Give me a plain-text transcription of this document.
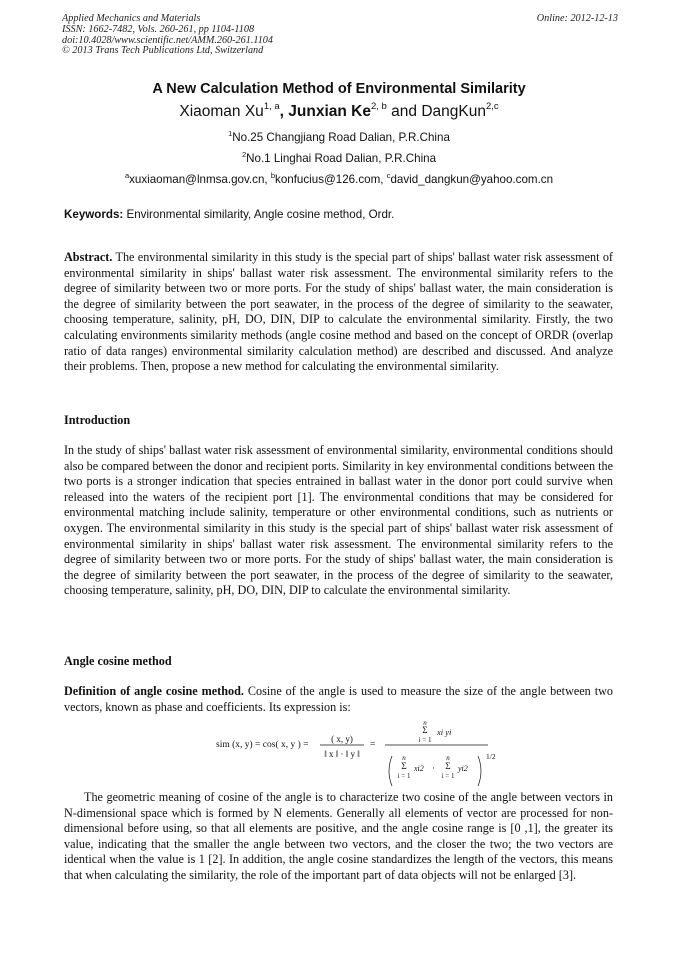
Applied Mechanics and Materials
ISSN: 1662-7482, Vols. 260-261, pp 1104-1108
doi:10.4028/www.scientific.net/AMM.260-261.1104
© 2013 Trans Tech Publications Ltd, Switzerland
Online: 2012-12-13
A New Calculation Method of Environmental Similarity
Xiaoman Xu$^{1, a}$, Junxian Ke$^{2, b}$ and DangKun$^{2,c}$
$^1$No.25 Changjiang Road Dalian, P.R.China
$^2$No.1 Linghai Road Dalian, P.R.China
$^a$xuxiaoman@lnmsa.gov.cn, $^b$konfucius@126.com, $^c$david_dangkun@yahoo.com.cn
Keywords: Environmental similarity, Angle cosine method, Ordr.
Abstract. The environmental similarity in this study is the special part of ships' ballast water risk assessment of environmental similarity in ships' ballast water risk assessment. The environmental similarity refers to the degree of similarity between two or more ports. For the study of ships' ballast water, the main consideration is the degree of similarity between the port seawater, in the process of the degree of similarity to the seawater, choosing temperature, salinity, pH, DO, DIN, DIP to calculate the environmental similarity. Firstly, the two calculating environments similarity methods (angle cosine method and based on the concept of ORDR (overlap ratio of data ranges) environmental similarity calculation method) are described and discussed. And analyze their problems. Then, propose a new method for calculating the environmental similarity.
Introduction
In the study of ships' ballast water risk assessment of environmental similarity, environmental conditions should also be compared between the donor and recipient ports. Similarity in key environmental conditions between the two ports is a stronger indication that species entrained in ballast water in the donor port could survive when released into the waters of the recipient port [1]. The environmental conditions that may be considered for environmental matching include salinity, temperature or other environmental conditions, such as nutrients or oxygen. The environmental similarity in this study is the special part of ships' ballast water risk assessment of environmental similarity in ships' ballast water risk assessment. The environmental similarity refers to the degree of similarity between two or more ports. For the study of ships' ballast water, the main consideration is the degree of similarity between the port seawater, in the process of the degree of similarity to the seawater, choosing temperature, salinity, pH, DO, DIN, DIP to calculate the environmental similarity.
Angle cosine method
Definition of angle cosine method. Cosine of the angle is used to measure the size of the angle between two vectors, known as phase and coefficients. Its expression is:
sim (x, y) = cos( x, y ) =
( x, y)
‖ x ‖ · ‖ y ‖
=
n
Σ
i = 1
xi yi
n
Σ
i = 1
xi2 ·
n
Σ
i = 1
yi2
1/2
The geometric meaning of cosine of the angle is to characterize two cosine of the angle between vectors in N-dimensional space which is formed by N elements. Generally all elements of vector are processed for non-dimensional before using, so that all elements are positive, and the angle cosine range is [0 ,1], the greater its value, indicating that the smaller the angle between two vectors, and the closer the two; the two vectors are identical when the value is 1 [2]. In addition, the angle cosine standardizes the length of the vectors, this means that when calculating the similarity, the role of the important part of data objects will not be enlarged [3].
